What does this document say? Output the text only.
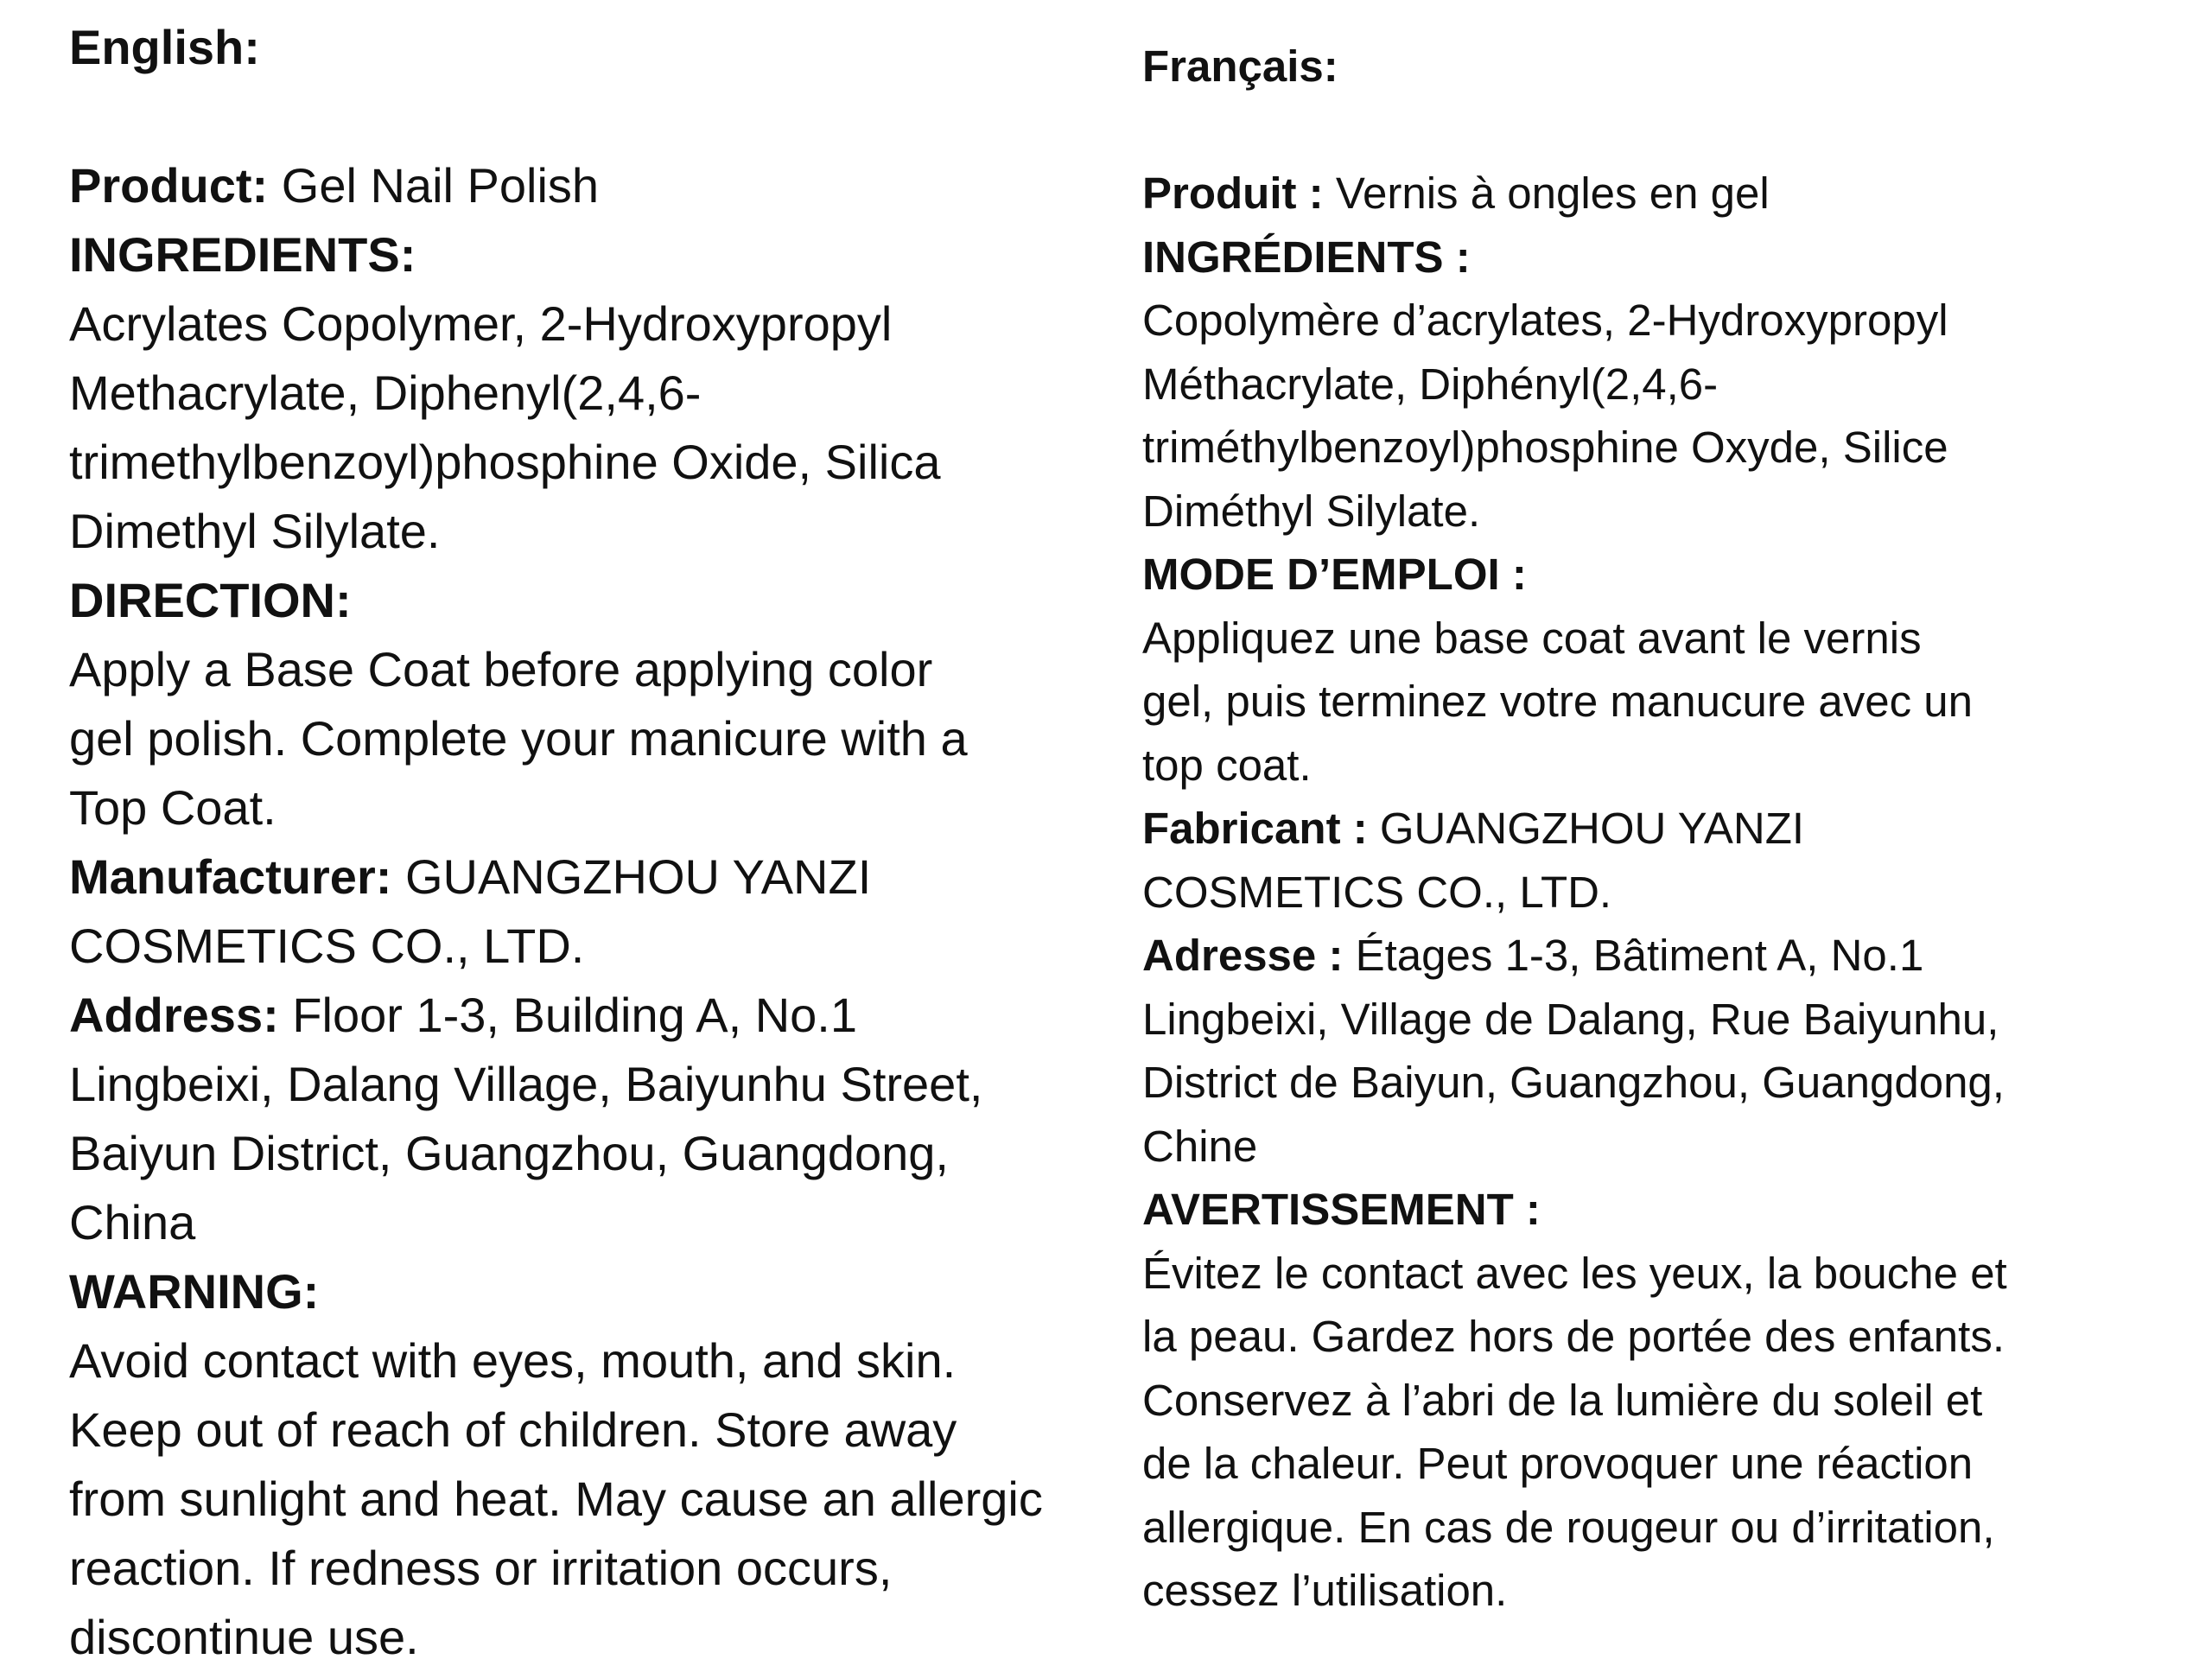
English:
Product: Gel Nail Polish
INGREDIENTS:
Acrylates Copolymer, 2-Hydroxypropyl
Methacrylate, Diphenyl(2,4,6-
trimethylbenzoyl)phosphine Oxide, Silica
Dimethyl Silylate.
DIRECTION:
Apply a Base Coat before applying color
gel polish. Complete your manicure with a
Top Coat.
Manufacturer: GUANGZHOU YANZI
COSMETICS CO., LTD.
Address: Floor 1-3, Building A, No.1
Lingbeixi, Dalang Village, Baiyunhu Street,
Baiyun District, Guangzhou, Guangdong,
China
WARNING:
Avoid contact with eyes, mouth, and skin.
Keep out of reach of children. Store away
from sunlight and heat. May cause an allergic
reaction. If redness or irritation occurs,
discontinue use.
Français:
Produit : Vernis à ongles en gel
INGRÉDIENTS :
Copolymère d’acrylates, 2-Hydroxypropyl
Méthacrylate, Diphényl(2,4,6-
triméthylbenzoyl)phosphine Oxyde, Silice
Diméthyl Silylate.
MODE D’EMPLOI :
Appliquez une base coat avant le vernis
gel, puis terminez votre manucure avec un
top coat.
Fabricant : GUANGZHOU YANZI
COSMETICS CO., LTD.
Adresse : Étages 1-3, Bâtiment A, No.1
Lingbeixi, Village de Dalang, Rue Baiyunhu,
District de Baiyun, Guangzhou, Guangdong,
Chine
AVERTISSEMENT :
Évitez le contact avec les yeux, la bouche et
la peau. Gardez hors de portée des enfants.
Conservez à l’abri de la lumière du soleil et
de la chaleur. Peut provoquer une réaction
allergique. En cas de rougeur ou d’irritation,
cessez l’utilisation.
